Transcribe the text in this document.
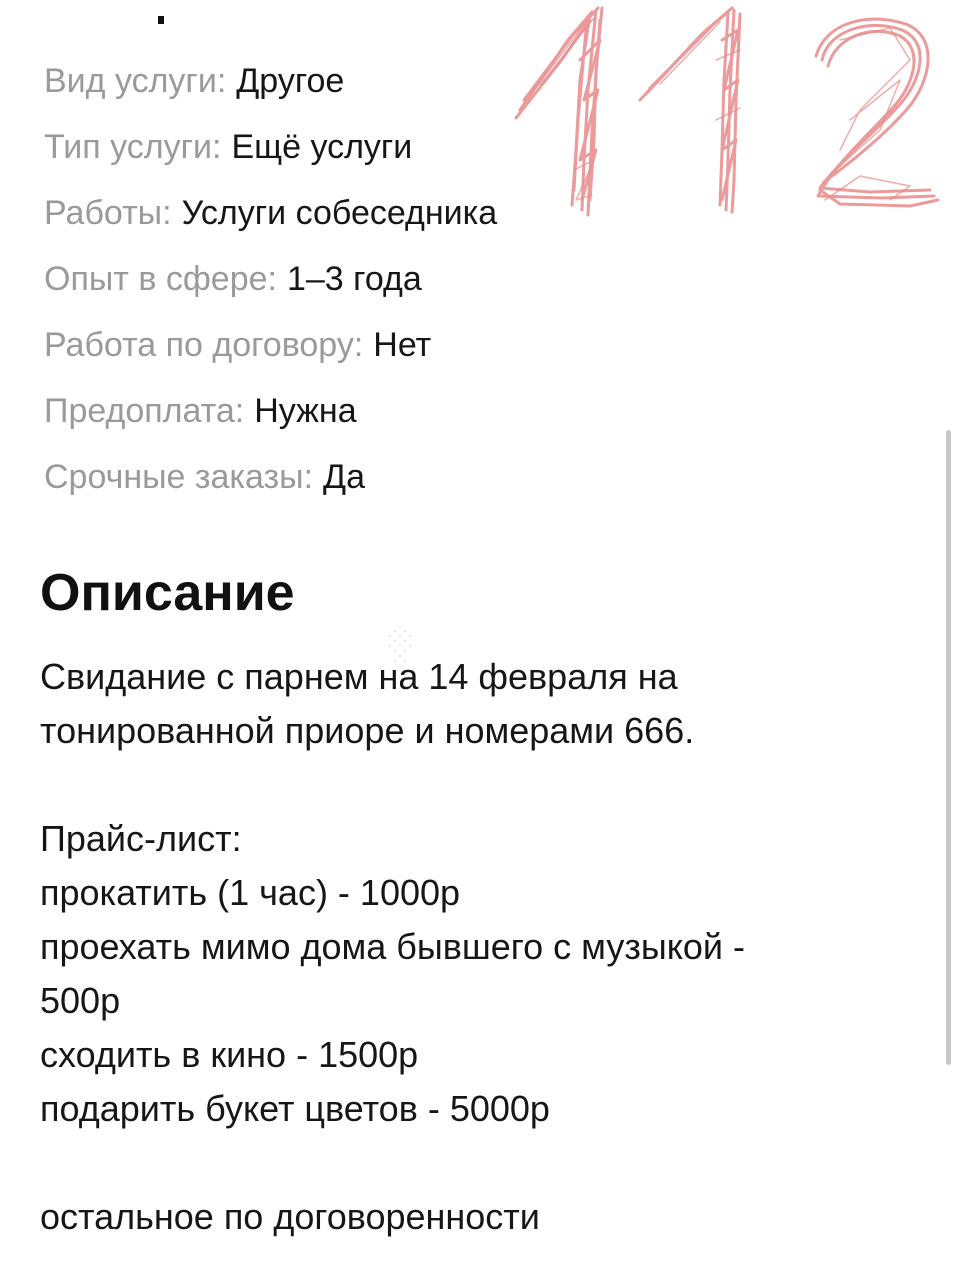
Вид услуги : Другое
Тип услуги : Ещё услуги
Работы : Услуги собеседника
Опыт в сфере : 1–3 года
Работа по договору : Нет
Предоплата : Нужна
Срочные заказы : Да
Описание

Свидание с парнем на 14 февраля на

тонированной приоре и номерами 666.

Прайс-лист:

прокатить (1 час) - 1000р

проехать мимо дома бывшего с музыкой -

500р

сходить в кино - 1500р

подарить букет цветов - 5000р

остальное по договоренности
